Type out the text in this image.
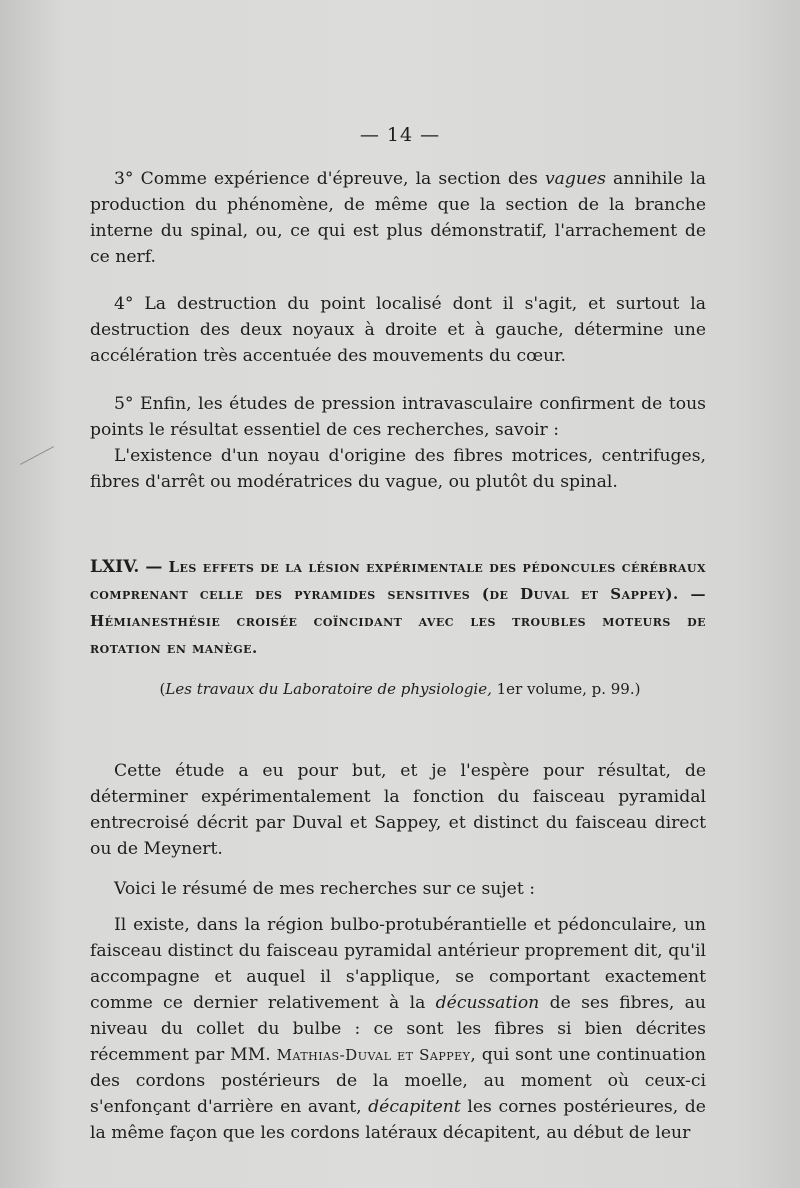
— 14 —

3° Comme expérience d'épreuve, la section des vagues annihile la production du phénomène, de même que la section de la branche interne du spinal, ou, ce qui est plus démonstratif, l'arrachement de ce nerf.

4° La destruction du point localisé dont il s'agit, et surtout la destruction des deux noyaux à droite et à gauche, détermine une accélération très accentuée des mouvements du cœur.

5° Enfin, les études de pression intravasculaire confirment de tous points le résultat essentiel de ces recherches, savoir :

L'existence d'un noyau d'origine des fibres motrices, centrifuges, fibres d'arrêt ou modératrices du vague, ou plutôt du spinal.

LXIV. — Les effets de la lésion expérimentale des pédoncules cérébraux comprenant celle des pyramides sensitives (de Duval et Sappey). — Hémianesthésie croisée coïncidant avec les troubles moteurs de rotation en manège.

(Les travaux du Laboratoire de physiologie, 1er volume, p. 99.)

Cette étude a eu pour but, et je l'espère pour résultat, de déterminer expérimentalement la fonction du faisceau pyramidal entrecroisé décrit par Duval et Sappey, et distinct du faisceau direct ou de Meynert.

Voici le résumé de mes recherches sur ce sujet :

Il existe, dans la région bulbo-protubérantielle et pédonculaire, un faisceau distinct du faisceau pyramidal antérieur proprement dit, qu'il accompagne et auquel il s'applique, se comportant exactement comme ce dernier relativement à la décussation de ses fibres, au niveau du collet du bulbe : ce sont les fibres si bien décrites récemment par MM. Mathias-Duval et Sappey, qui sont une continuation des cordons postérieurs de la moelle, au moment où ceux-ci s'enfonçant d'arrière en avant, décapitent les cornes postérieures, de la même façon que les cordons latéraux décapitent, au début de leur
